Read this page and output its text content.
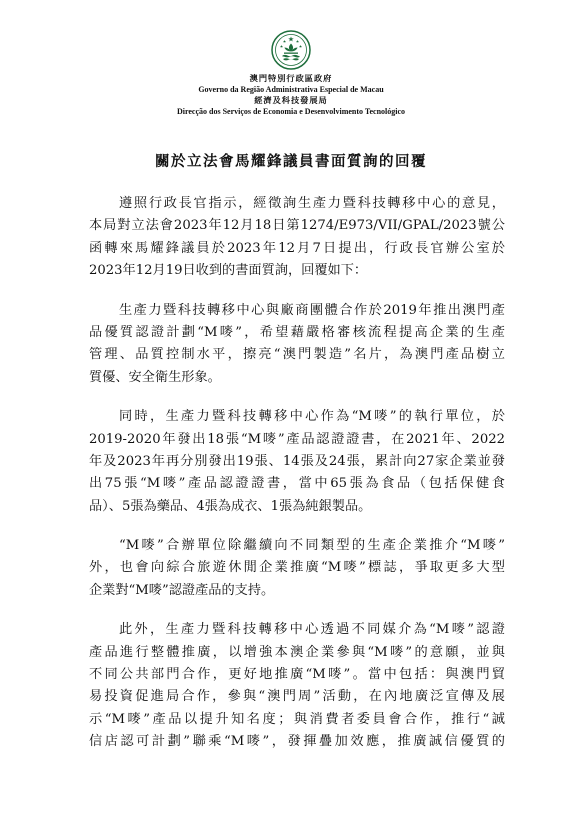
澳門特別行政區政府
Governo da Região Administrativa Especial de Macau
經濟及科技發展局
Direcção dos Serviços de Economia e Desenvolvimento Tecnológico
關於立法會馬耀鋒議員書面質詢的回覆
遵照行政長官指示，經徵詢生產力暨科技轉移中心的意見，
本局對立法會2023年12月18日第1274/E973/VII/GPAL/2023號公
函轉來馬耀鋒議員於2023年12月7日提出，行政長官辦公室於
2023年12月19日收到的書面質詢，回覆如下：
生產力暨科技轉移中心與廠商團體合作於2019年推出澳門產
品優質認證計劃“M嘜”，希望藉嚴格審核流程提高企業的生產
管理、品質控制水平，擦亮“澳門製造”名片，為澳門產品樹立
質優、安全衛生形象。
同時，生產力暨科技轉移中心作為“M嘜”的執行單位，於
2019-2020年發出18張“M嘜”產品認證證書，在2021年、2022
年及2023年再分別發出19張、14張及24張，累計向27家企業並發
出75張“M嘜”產品認證證書，當中65張為食品（包括保健食
品）、5張為藥品、4張為成衣、1張為純銀製品。
“M嘜”合辦單位除繼續向不同類型的生產企業推介“M嘜”
外，也會向綜合旅遊休閒企業推廣“M嘜”標誌，爭取更多大型
企業對“M嘜”認證產品的支持。
此外，生產力暨科技轉移中心透過不同媒介為“M嘜”認證
產品進行整體推廣，以增強本澳企業參與“M嘜”的意願，並與
不同公共部門合作，更好地推廣“M嘜”。當中包括：與澳門貿
易投資促進局合作，參與“澳門周”活動，在內地廣泛宣傳及展
示“M嘜”產品以提升知名度；與消費者委員會合作，推行“誠
信店認可計劃”聯乘“M嘜”，發揮疊加效應，推廣誠信優質的
